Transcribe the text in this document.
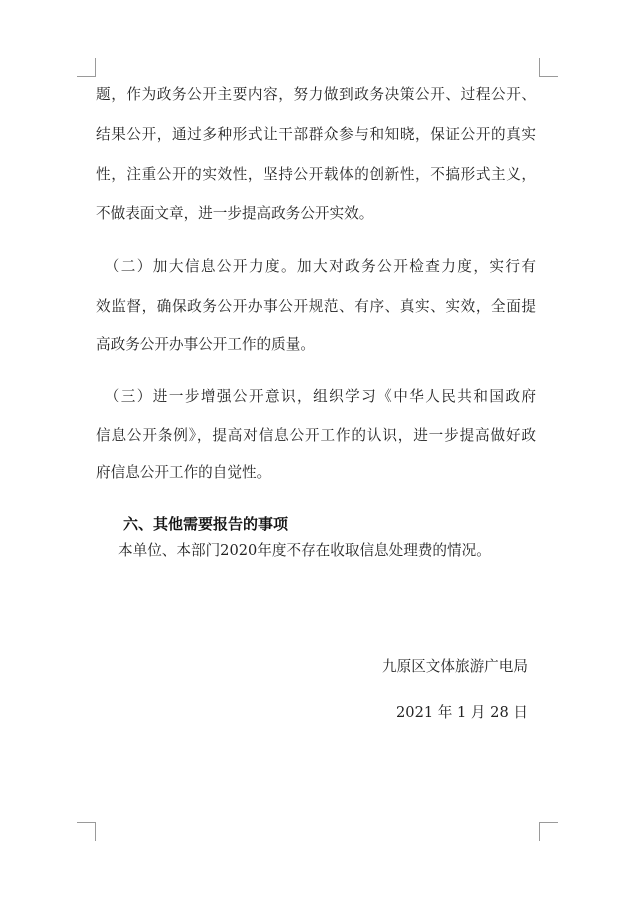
题，作为政务公开主要内容，努力做到政务决策公开、过程公开、
结果公开，通过多种形式让干部群众参与和知晓，保证公开的真实
性，注重公开的实效性，坚持公开载体的创新性，不搞形式主义，
不做表面文章，进一步提高政务公开实效。
　（二）加大信息公开力度。加大对政务公开检查力度，实行有
效监督，确保政务公开办事公开规范、有序、真实、实效，全面提
高政务公开办事公开工作的质量。
　（三）进一步增强公开意识，组织学习《中华人民共和国政府
信息公开条例》，提高对信息公开工作的认识，进一步提高做好政
府信息公开工作的自觉性。
六、其他需要报告的事项
本单位、本部门2020年度不存在收取信息处理费的情况。
九原区文体旅游广电局
2021 年 1 月 28 日
